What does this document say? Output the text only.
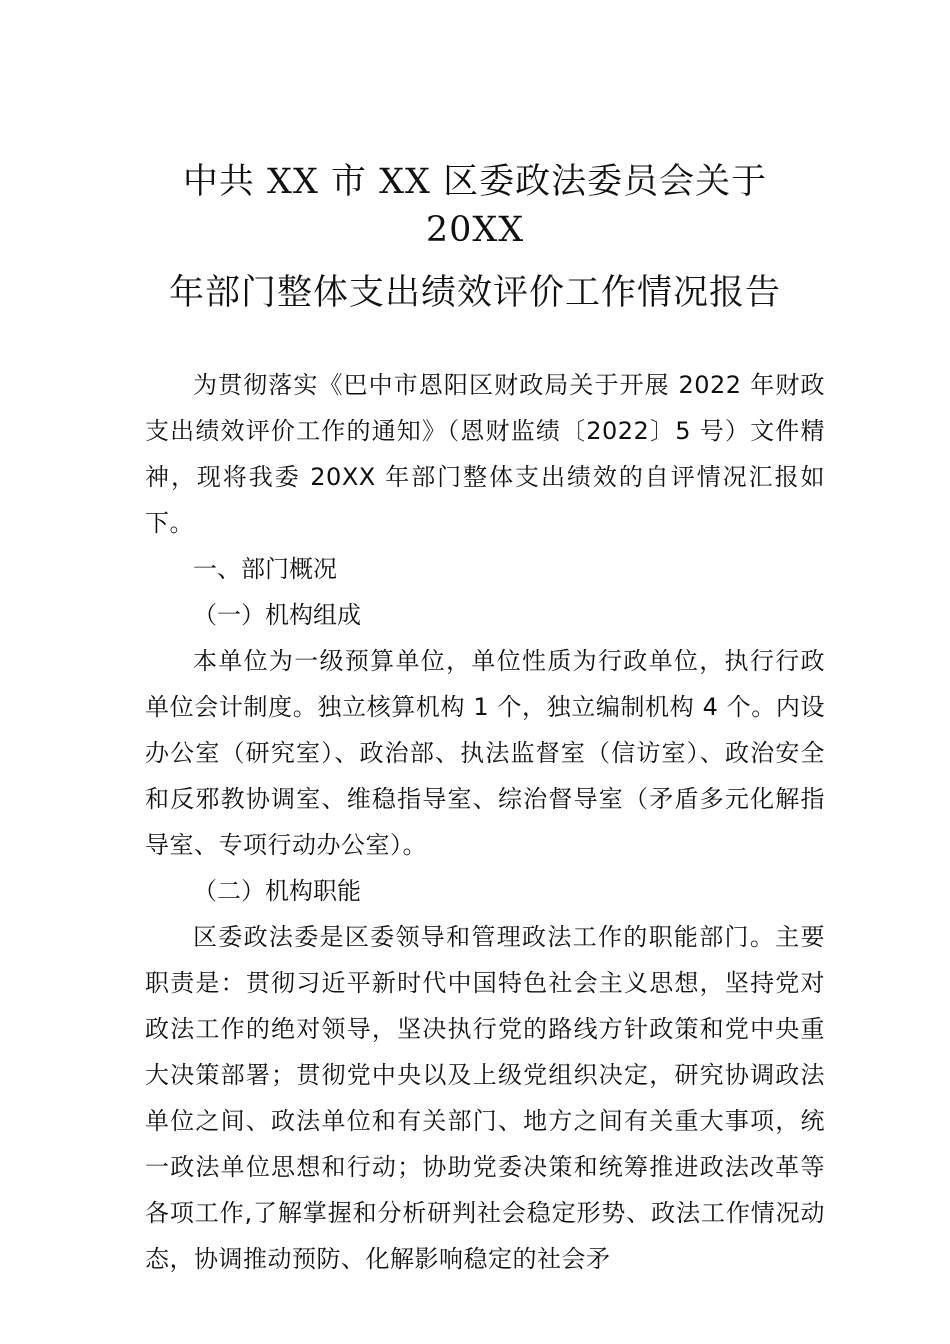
中共 XX 市 XX 区委政法委员会关于
20XX
年部门整体支出绩效评价工作情况报告

为贯彻落实《巴中市恩阳区财政局关于开展 2022 年财政支出绩效评价工作的通知》（恩财监绩〔2022〕5 号）文件精神，现将我委 20XX 年部门整体支出绩效的自评情况汇报如下。

一、部门概况

（一）机构组成

本单位为一级预算单位，单位性质为行政单位，执行行政单位会计制度。独立核算机构 1 个，独立编制机构 4 个。内设办公室（研究室）、政治部、执法监督室（信访室）、政治安全和反邪教协调室、维稳指导室、综治督导室（矛盾多元化解指导室、专项行动办公室）。

（二）机构职能

区委政法委是区委领导和管理政法工作的职能部门。主要职责是：贯彻习近平新时代中国特色社会主义思想，坚持党对政法工作的绝对领导，坚决执行党的路线方针政策和党中央重大决策部署；贯彻党中央以及上级党组织决定，研究协调政法单位之间、政法单位和有关部门、地方之间有关重大事项，统一政法单位思想和行动；协助党委决策和统筹推进政法改革等各项工作,了解掌握和分析研判社会稳定形势、政法工作情况动态，协调推动预防、化解影响稳定的社会矛
